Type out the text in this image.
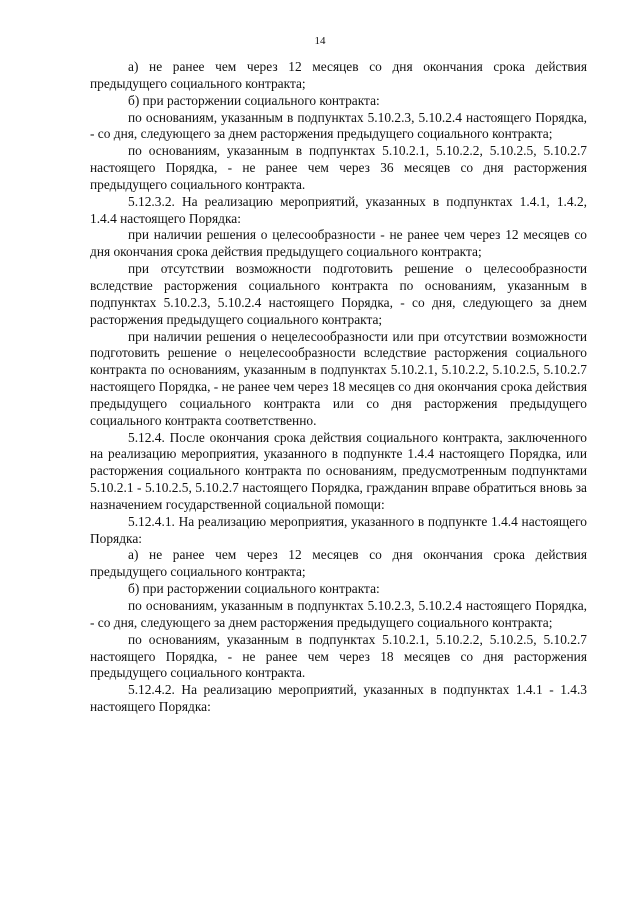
14

а) не ранее чем через 12 месяцев со дня окончания срока действия предыдущего социального контракта;

б) при расторжении социального контракта:

по основаниям, указанным в подпунктах 5.10.2.3, 5.10.2.4 настоящего Порядка, - со дня, следующего за днем расторжения предыдущего социального контракта;

по основаниям, указанным в подпунктах 5.10.2.1, 5.10.2.2, 5.10.2.5, 5.10.2.7 настоящего Порядка, - не ранее чем через 36 месяцев со дня расторжения предыдущего социального контракта.

5.12.3.2. На реализацию мероприятий, указанных в подпунктах 1.4.1, 1.4.2, 1.4.4 настоящего Порядка:

при наличии решения о целесообразности - не ранее чем через 12 месяцев со дня окончания срока действия предыдущего социального контракта;

при отсутствии возможности подготовить решение о целесообразности вследствие расторжения социального контракта по основаниям, указанным в подпунктах 5.10.2.3, 5.10.2.4 настоящего Порядка, - со дня, следующего за днем расторжения предыдущего социального контракта;

при наличии решения о нецелесообразности или при отсутствии возможности подготовить решение о нецелесообразности вследствие расторжения социального контракта по основаниям, указанным в подпунктах 5.10.2.1, 5.10.2.2, 5.10.2.5, 5.10.2.7 настоящего Порядка, - не ранее чем через 18 месяцев со дня окончания срока действия предыдущего социального контракта или со дня расторжения предыдущего социального контракта соответственно.

5.12.4. После окончания срока действия социального контракта, заключенного на реализацию мероприятия, указанного в подпункте 1.4.4 настоящего Порядка, или расторжения социального контракта по основаниям, предусмотренным подпунктами 5.10.2.1 - 5.10.2.5, 5.10.2.7 настоящего Порядка, гражданин вправе обратиться вновь за назначением государственной социальной помощи:

5.12.4.1. На реализацию мероприятия, указанного в подпункте 1.4.4 настоящего Порядка:

а) не ранее чем через 12 месяцев со дня окончания срока действия предыдущего социального контракта;

б) при расторжении социального контракта:

по основаниям, указанным в подпунктах 5.10.2.3, 5.10.2.4 настоящего Порядка, - со дня, следующего за днем расторжения предыдущего социального контракта;

по основаниям, указанным в подпунктах 5.10.2.1, 5.10.2.2, 5.10.2.5, 5.10.2.7 настоящего Порядка, - не ранее чем через 18 месяцев со дня расторжения предыдущего социального контракта.

5.12.4.2. На реализацию мероприятий, указанных в подпунктах 1.4.1 - 1.4.3 настоящего Порядка:
